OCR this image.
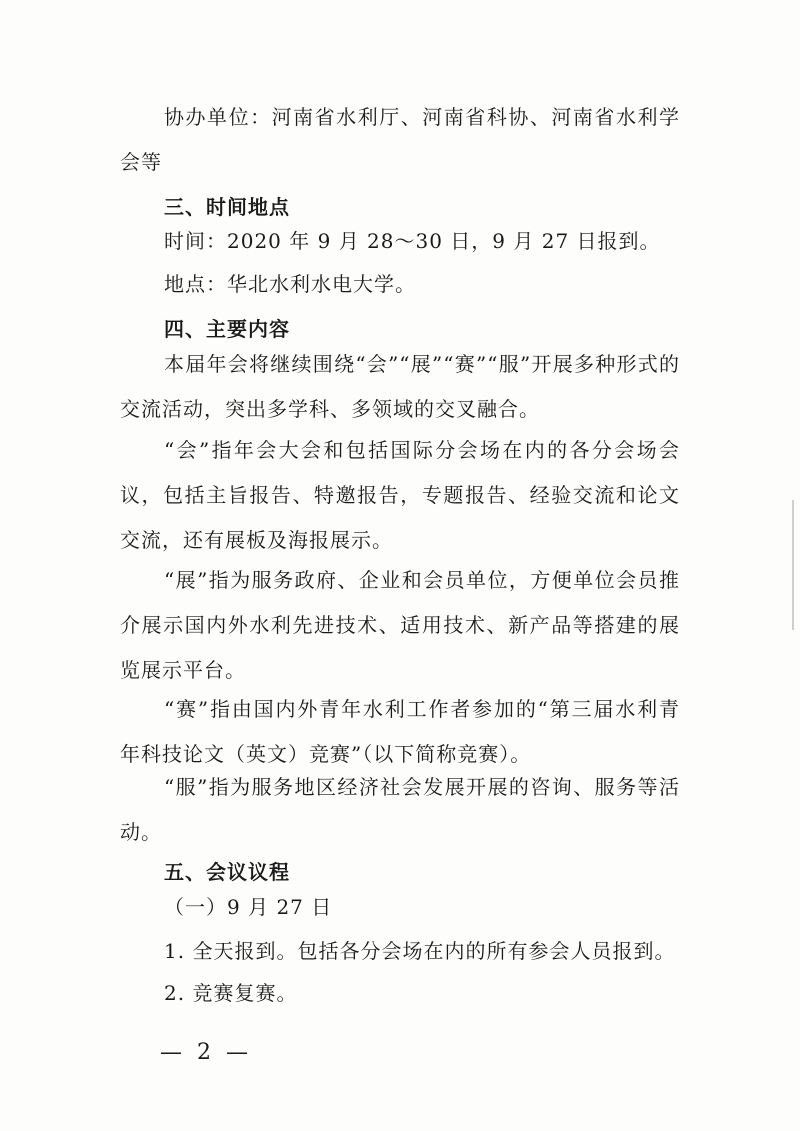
协办单位：河南省水利厅、河南省科协、河南省水利学会等

三、时间地点

时间：2020 年 9 月 28～30 日，9 月 27 日报到。

地点：华北水利水电大学。

四、主要内容

本届年会将继续围绕“会”“展”“赛”“服”开展多种形式的交流活动，突出多学科、多领域的交叉融合。

“会”指年会大会和包括国际分会场在内的各分会场会议，包括主旨报告、特邀报告，专题报告、经验交流和论文交流，还有展板及海报展示。

“展”指为服务政府、企业和会员单位，方便单位会员推介展示国内外水利先进技术、适用技术、新产品等搭建的展览展示平台。

“赛”指由国内外青年水利工作者参加的“第三届水利青年科技论文（英文）竞赛”（以下简称竞赛）。

“服”指为服务地区经济社会发展开展的咨询、服务等活动。

五、会议议程

（一）9 月 27 日

1. 全天报到。包括各分会场在内的所有参会人员报到。

2. 竞赛复赛。

— 2 —
